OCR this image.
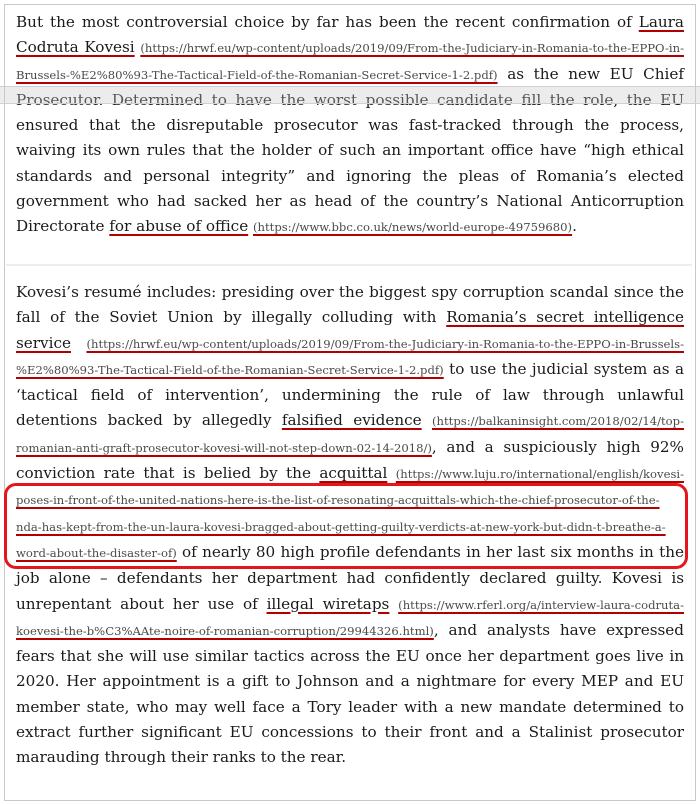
But the most controversial choice by far has been the recent confirmation of Laura Codruta Kovesi (https://hrwf.eu/wp-content/uploads/2019/09/From-the-Judiciary-in-Romania-to-the-EPPO-in-Brussels-%E2%80%93-The-Tactical-Field-of-the-Romanian-Secret-Service-1-2.pdf) as the new EU Chief Prosecutor. Determined to have the worst possible candidate fill the role, the EU ensured that the disreputable prosecutor was fast-tracked through the process, waiving its own rules that the holder of such an important office have “high ethical standards and personal integrity” and ignoring the pleas of Romania’s elected government who had sacked her as head of the country’s National Anticorruption Directorate for abuse of office (https://www.bbc.co.uk/news/world-europe-49759680).

Kovesi’s resumé includes: presiding over the biggest spy corruption scandal since the fall of the Soviet Union by illegally colluding with Romania’s secret intelligence service (https://hrwf.eu/wp-content/uploads/2019/09/From-the-Judiciary-in-Romania-to-the-EPPO-in-Brussels-%E2%80%93-The-Tactical-Field-of-the-Romanian-Secret-Service-1-2.pdf) to use the judicial system as a ‘tactical field of intervention’, undermining the rule of law through unlawful detentions backed by allegedly falsified evidence (https://balkaninsight.com/2018/02/14/top-romanian-anti-graft-prosecutor-kovesi-will-not-step-down-02-14-2018/), and a suspiciously high 92% conviction rate that is belied by the acquittal (https://www.luju.ro/international/english/kovesi-poses-in-front-of-the-united-nations-here-is-the-list-of-resonating-acquittals-which-the-chief-prosecutor-of-the-nda-has-kept-from-the-un-laura-kovesi-bragged-about-getting-guilty-verdicts-at-new-york-but-didn-t-breathe-a-word-about-the-disaster-of) of nearly 80 high profile defendants in her last six months in the job alone – defendants her department had confidently declared guilty. Kovesi is unrepentant about her use of illegal wiretaps (https://www.rferl.org/a/interview-laura-codruta-koevesi-the-b%C3%AAte-noire-of-romanian-corruption/29944326.html), and analysts have expressed fears that she will use similar tactics across the EU once her department goes live in 2020. Her appointment is a gift to Johnson and a nightmare for every MEP and EU member state, who may well face a Tory leader with a new mandate determined to extract further significant EU concessions to their front and a Stalinist prosecutor marauding through their ranks to the rear.
